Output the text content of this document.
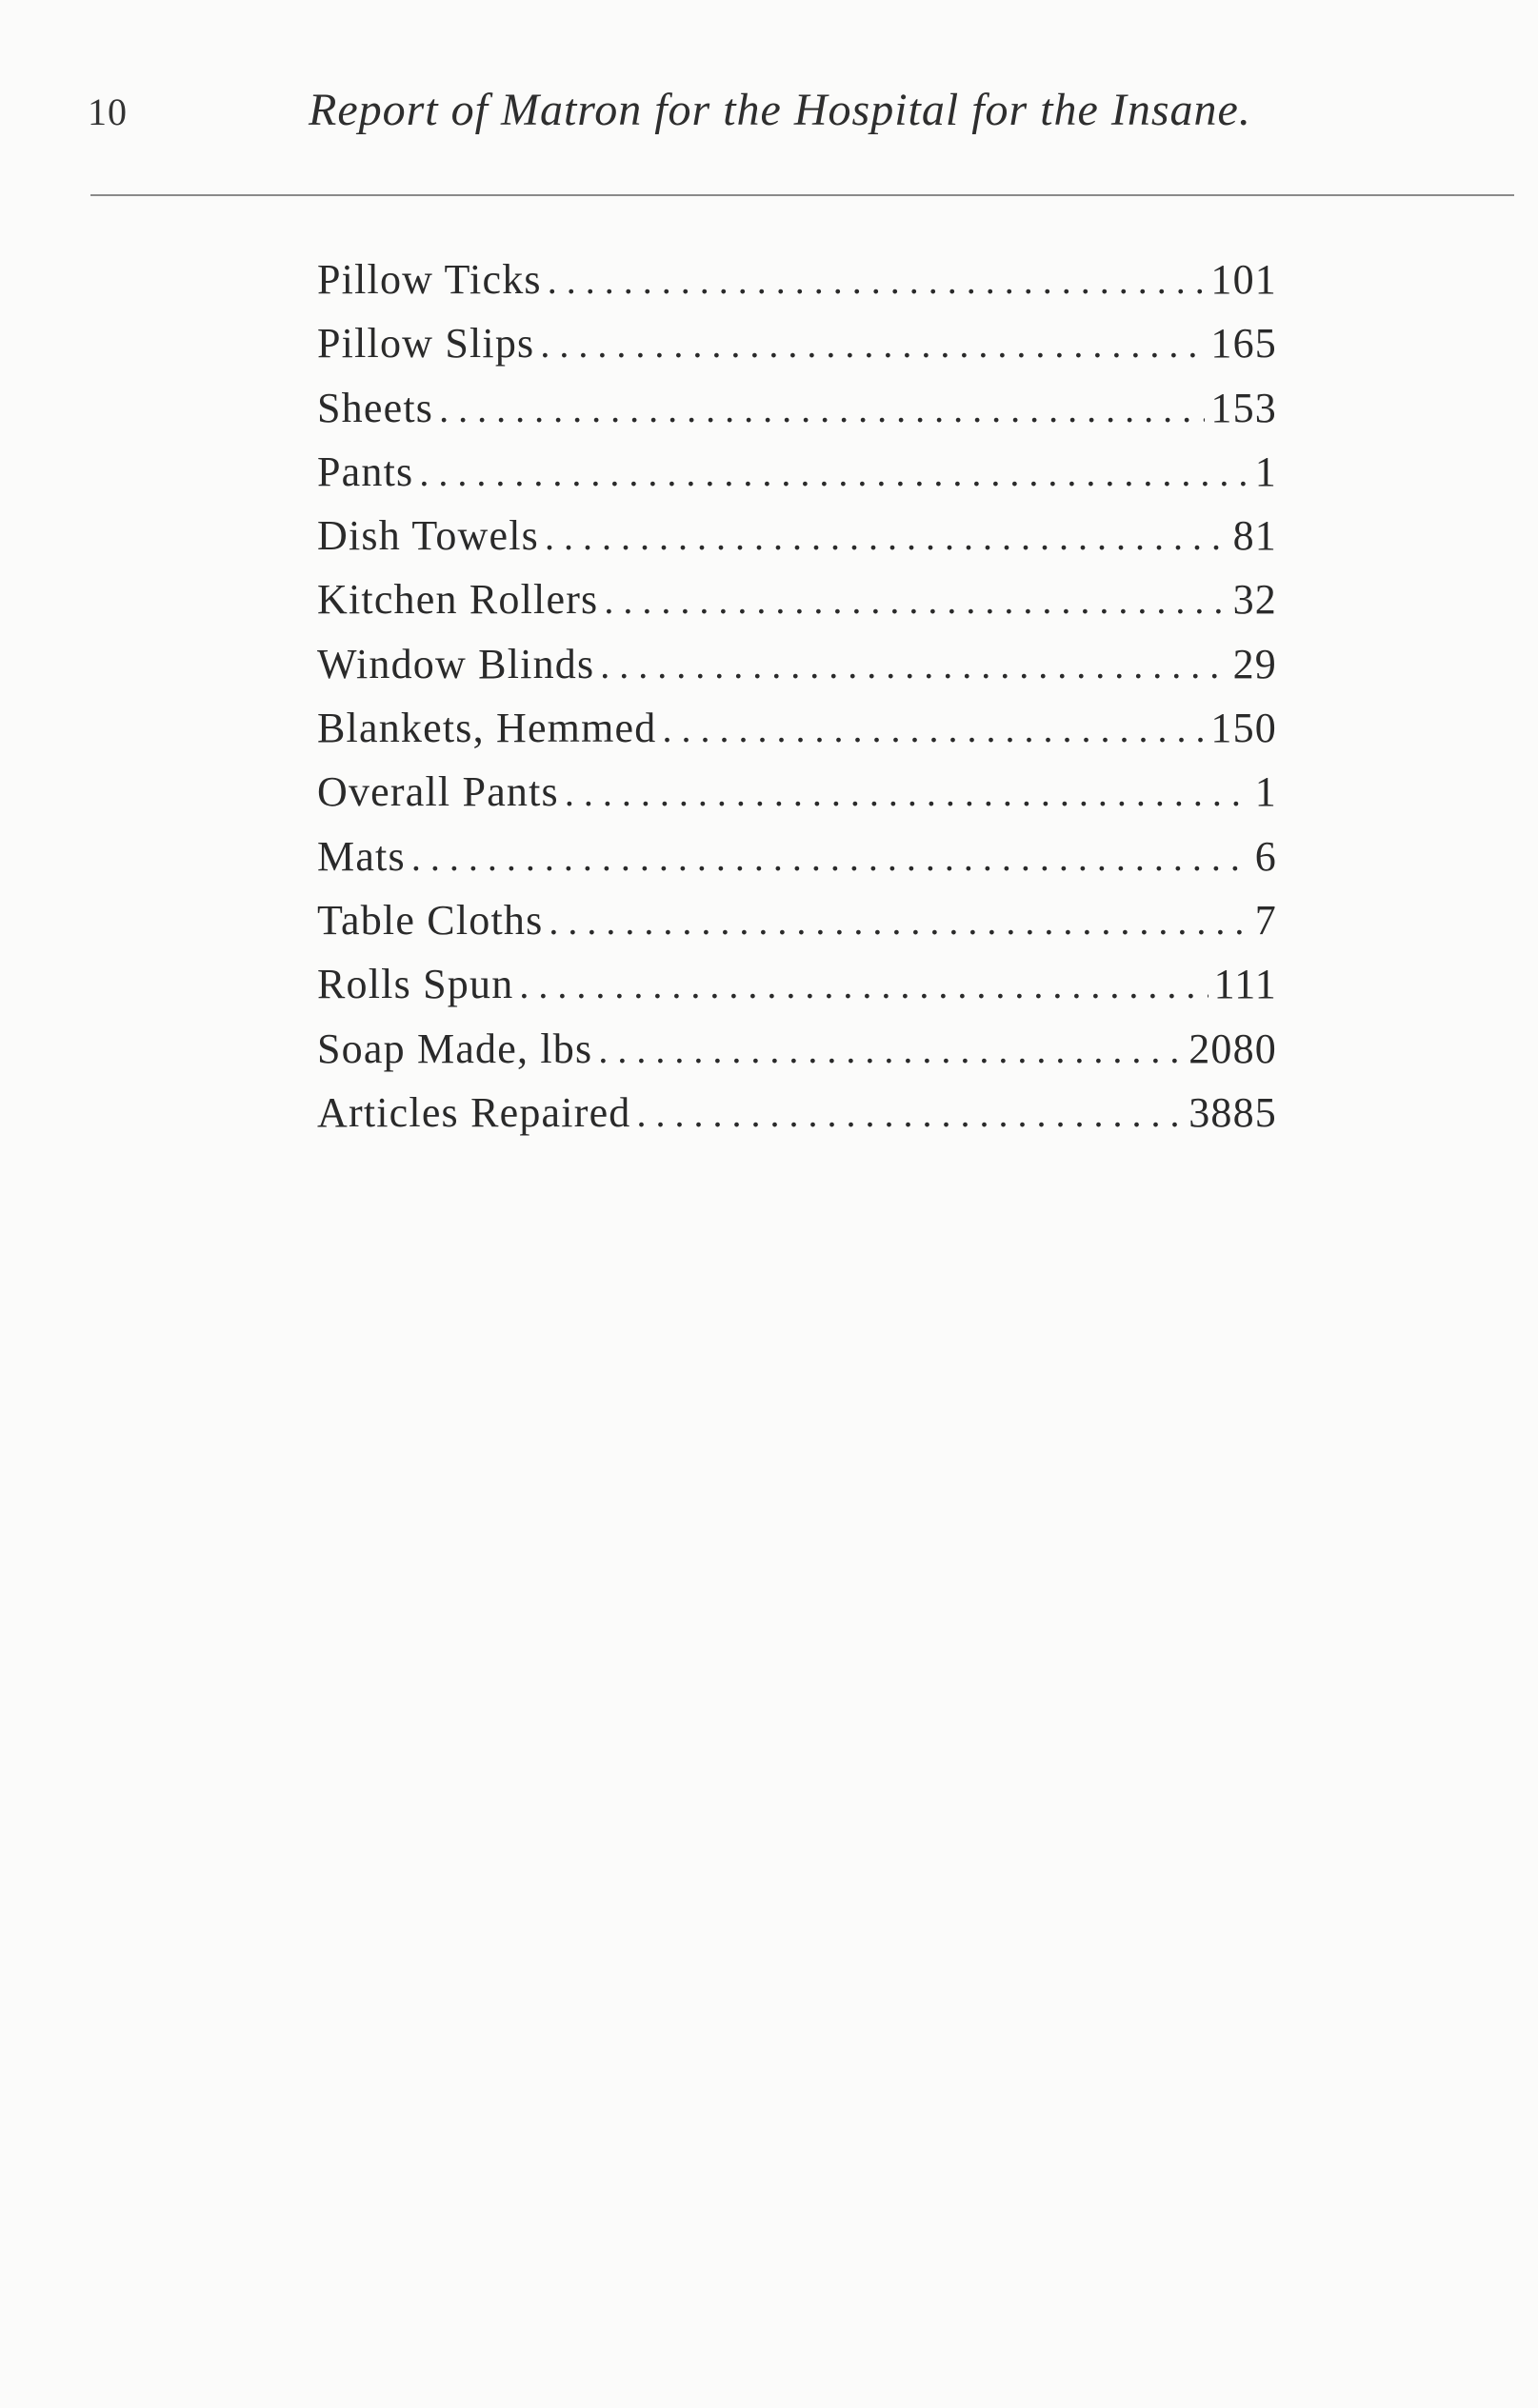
10	Report of Matron for the Hospital for the Insane.
Pillow Ticks .....	101
Pillow Slips .....	165
Sheets .....	153
Pants .....	1
Dish Towels .....	81
Kitchen Rollers .....	32
Window Blinds .....	29
Blankets, Hemmed .....	150
Overall Pants .....	1
Mats .....	6
Table Cloths .....	7
Rolls Spun .....	111
Soap Made, lbs .....	2080
Articles Repaired .....	3885
